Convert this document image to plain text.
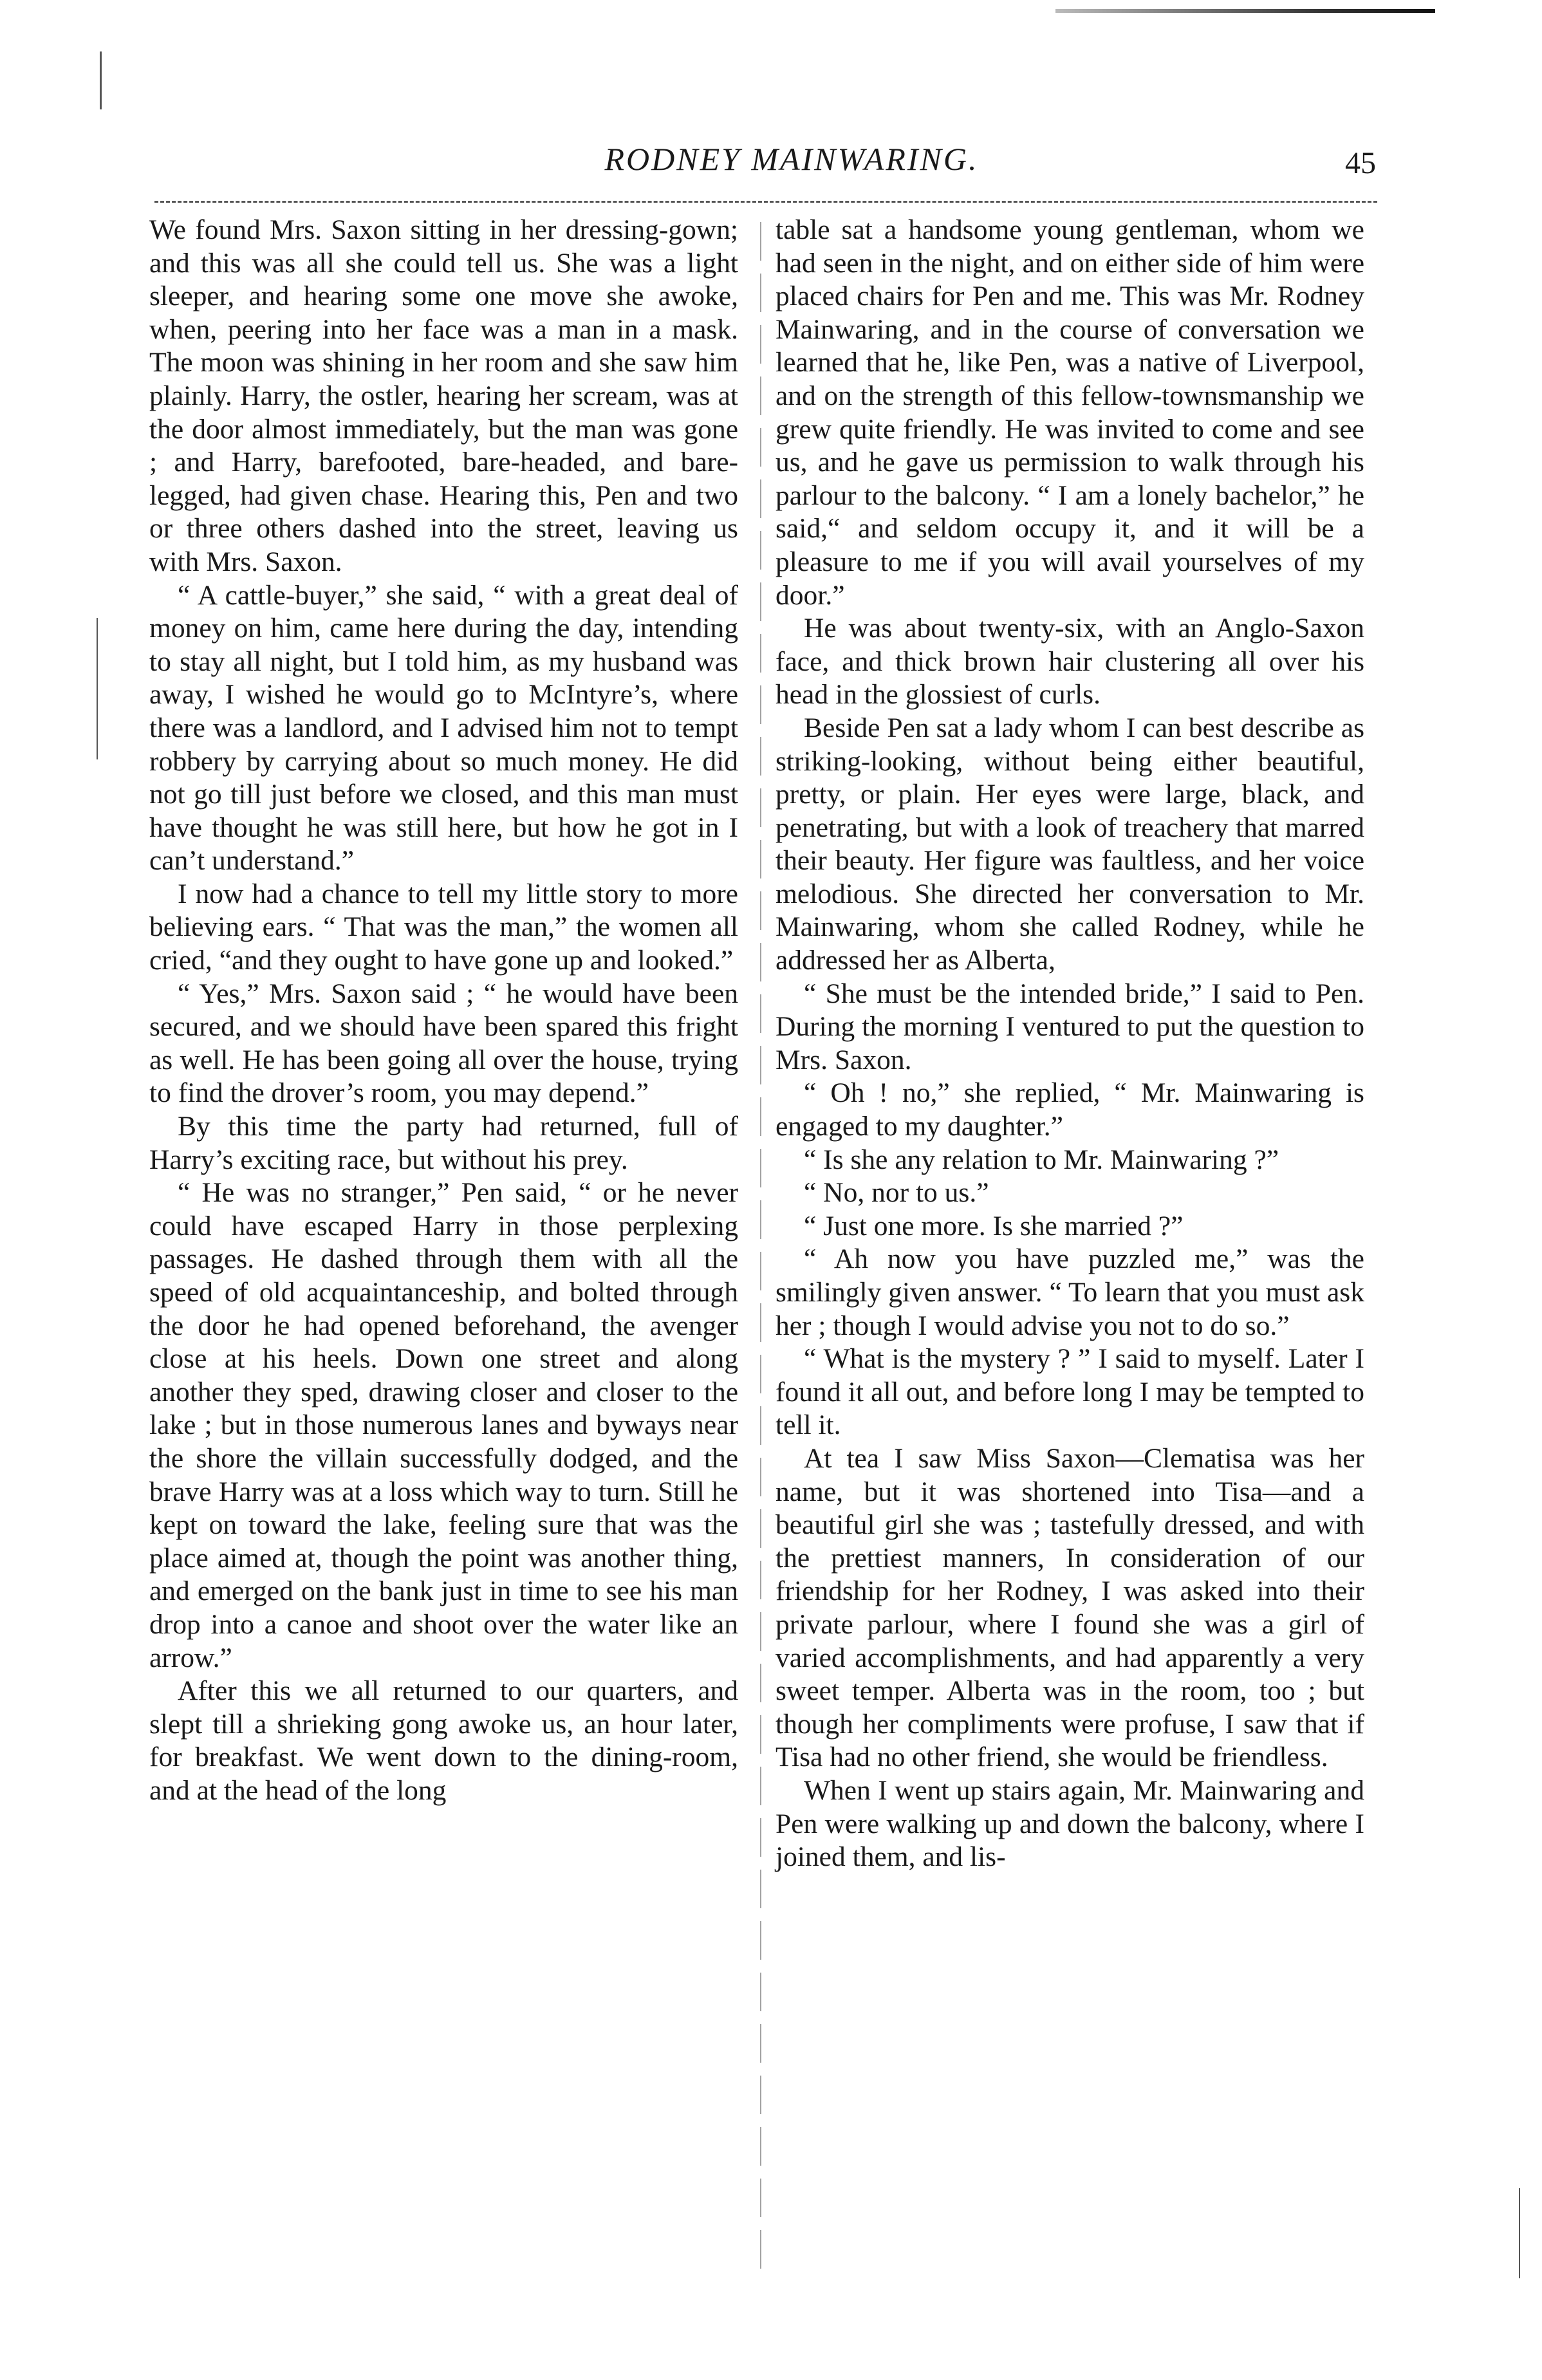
RODNEY MAINWARING.	45

We found Mrs. Saxon sitting in her dressing-gown; and this was all she could tell us. She was a light sleeper, and hearing some one move she awoke, when, peering into her face was a man in a mask. The moon was shining in her room and she saw him plainly. Harry, the ostler, hearing her scream, was at the door almost immediately, but the man was gone ; and Harry, barefooted, bare-headed, and bare-legged, had given chase. Hearing this, Pen and two or three others dashed into the street, leaving us with Mrs. Saxon.

“ A cattle-buyer,” she said, “ with a great deal of money on him, came here during the day, intending to stay all night, but I told him, as my husband was away, I wished he would go to McIntyre’s, where there was a landlord, and I advised him not to tempt robbery by carrying about so much money. He did not go till just before we closed, and this man must have thought he was still here, but how he got in I can’t understand.”

I now had a chance to tell my little story to more believing ears. “ That was the man,” the women all cried, “and they ought to have gone up and looked.”

“ Yes,” Mrs. Saxon said ; “ he would have been secured, and we should have been spared this fright as well. He has been going all over the house, trying to find the drover’s room, you may depend.”

By this time the party had returned, full of Harry’s exciting race, but without his prey.

“ He was no stranger,” Pen said, “ or he never could have escaped Harry in those perplexing passages. He dashed through them with all the speed of old acquaintanceship, and bolted through the door he had opened beforehand, the avenger close at his heels. Down one street and along another they sped, drawing closer and closer to the lake ; but in those numerous lanes and byways near the shore the villain successfully dodged, and the brave Harry was at a loss which way to turn. Still he kept on toward the lake, feeling sure that was the place aimed at, though the point was another thing, and emerged on the bank just in time to see his man drop into a canoe and shoot over the water like an arrow.”

After this we all returned to our quarters, and slept till a shrieking gong awoke us, an hour later, for breakfast. We went down to the dining-room, and at the head of the long

table sat a handsome young gentleman, whom we had seen in the night, and on either side of him were placed chairs for Pen and me. This was Mr. Rodney Mainwaring, and in the course of conversation we learned that he, like Pen, was a native of Liverpool, and on the strength of this fellow-townsmanship we grew quite friendly. He was invited to come and see us, and he gave us permission to walk through his parlour to the balcony. “ I am a lonely bachelor,” he said,“ and seldom occupy it, and it will be a pleasure to me if you will avail yourselves of my door.”

He was about twenty-six, with an Anglo-Saxon face, and thick brown hair clustering all over his head in the glossiest of curls.

Beside Pen sat a lady whom I can best describe as striking-looking, without being either beautiful, pretty, or plain. Her eyes were large, black, and penetrating, but with a look of treachery that marred their beauty. Her figure was faultless, and her voice melodious. She directed her conversation to Mr. Mainwaring, whom she called Rodney, while he addressed her as Alberta,

“ She must be the intended bride,” I said to Pen. During the morning I ventured to put the question to Mrs. Saxon.

“ Oh ! no,” she replied, “ Mr. Mainwaring is engaged to my daughter.”

“ Is she any relation to Mr. Mainwaring ?”

“ No, nor to us.”

“ Just one more. Is she married ?”

“ Ah now you have puzzled me,” was the smilingly given answer. “ To learn that you must ask her ; though I would advise you not to do so.”

“ What is the mystery ? ” I said to myself. Later I found it all out, and before long I may be tempted to tell it.

At tea I saw Miss Saxon—Clematisa was her name, but it was shortened into Tisa—and a beautiful girl she was ; tastefully dressed, and with the prettiest manners, In consideration of our friendship for her Rodney, I was asked into their private parlour, where I found she was a girl of varied accomplishments, and had apparently a very sweet temper. Alberta was in the room, too ; but though her compliments were profuse, I saw that if Tisa had no other friend, she would be friendless.

When I went up stairs again, Mr. Mainwaring and Pen were walking up and down the balcony, where I joined them, and lis-
